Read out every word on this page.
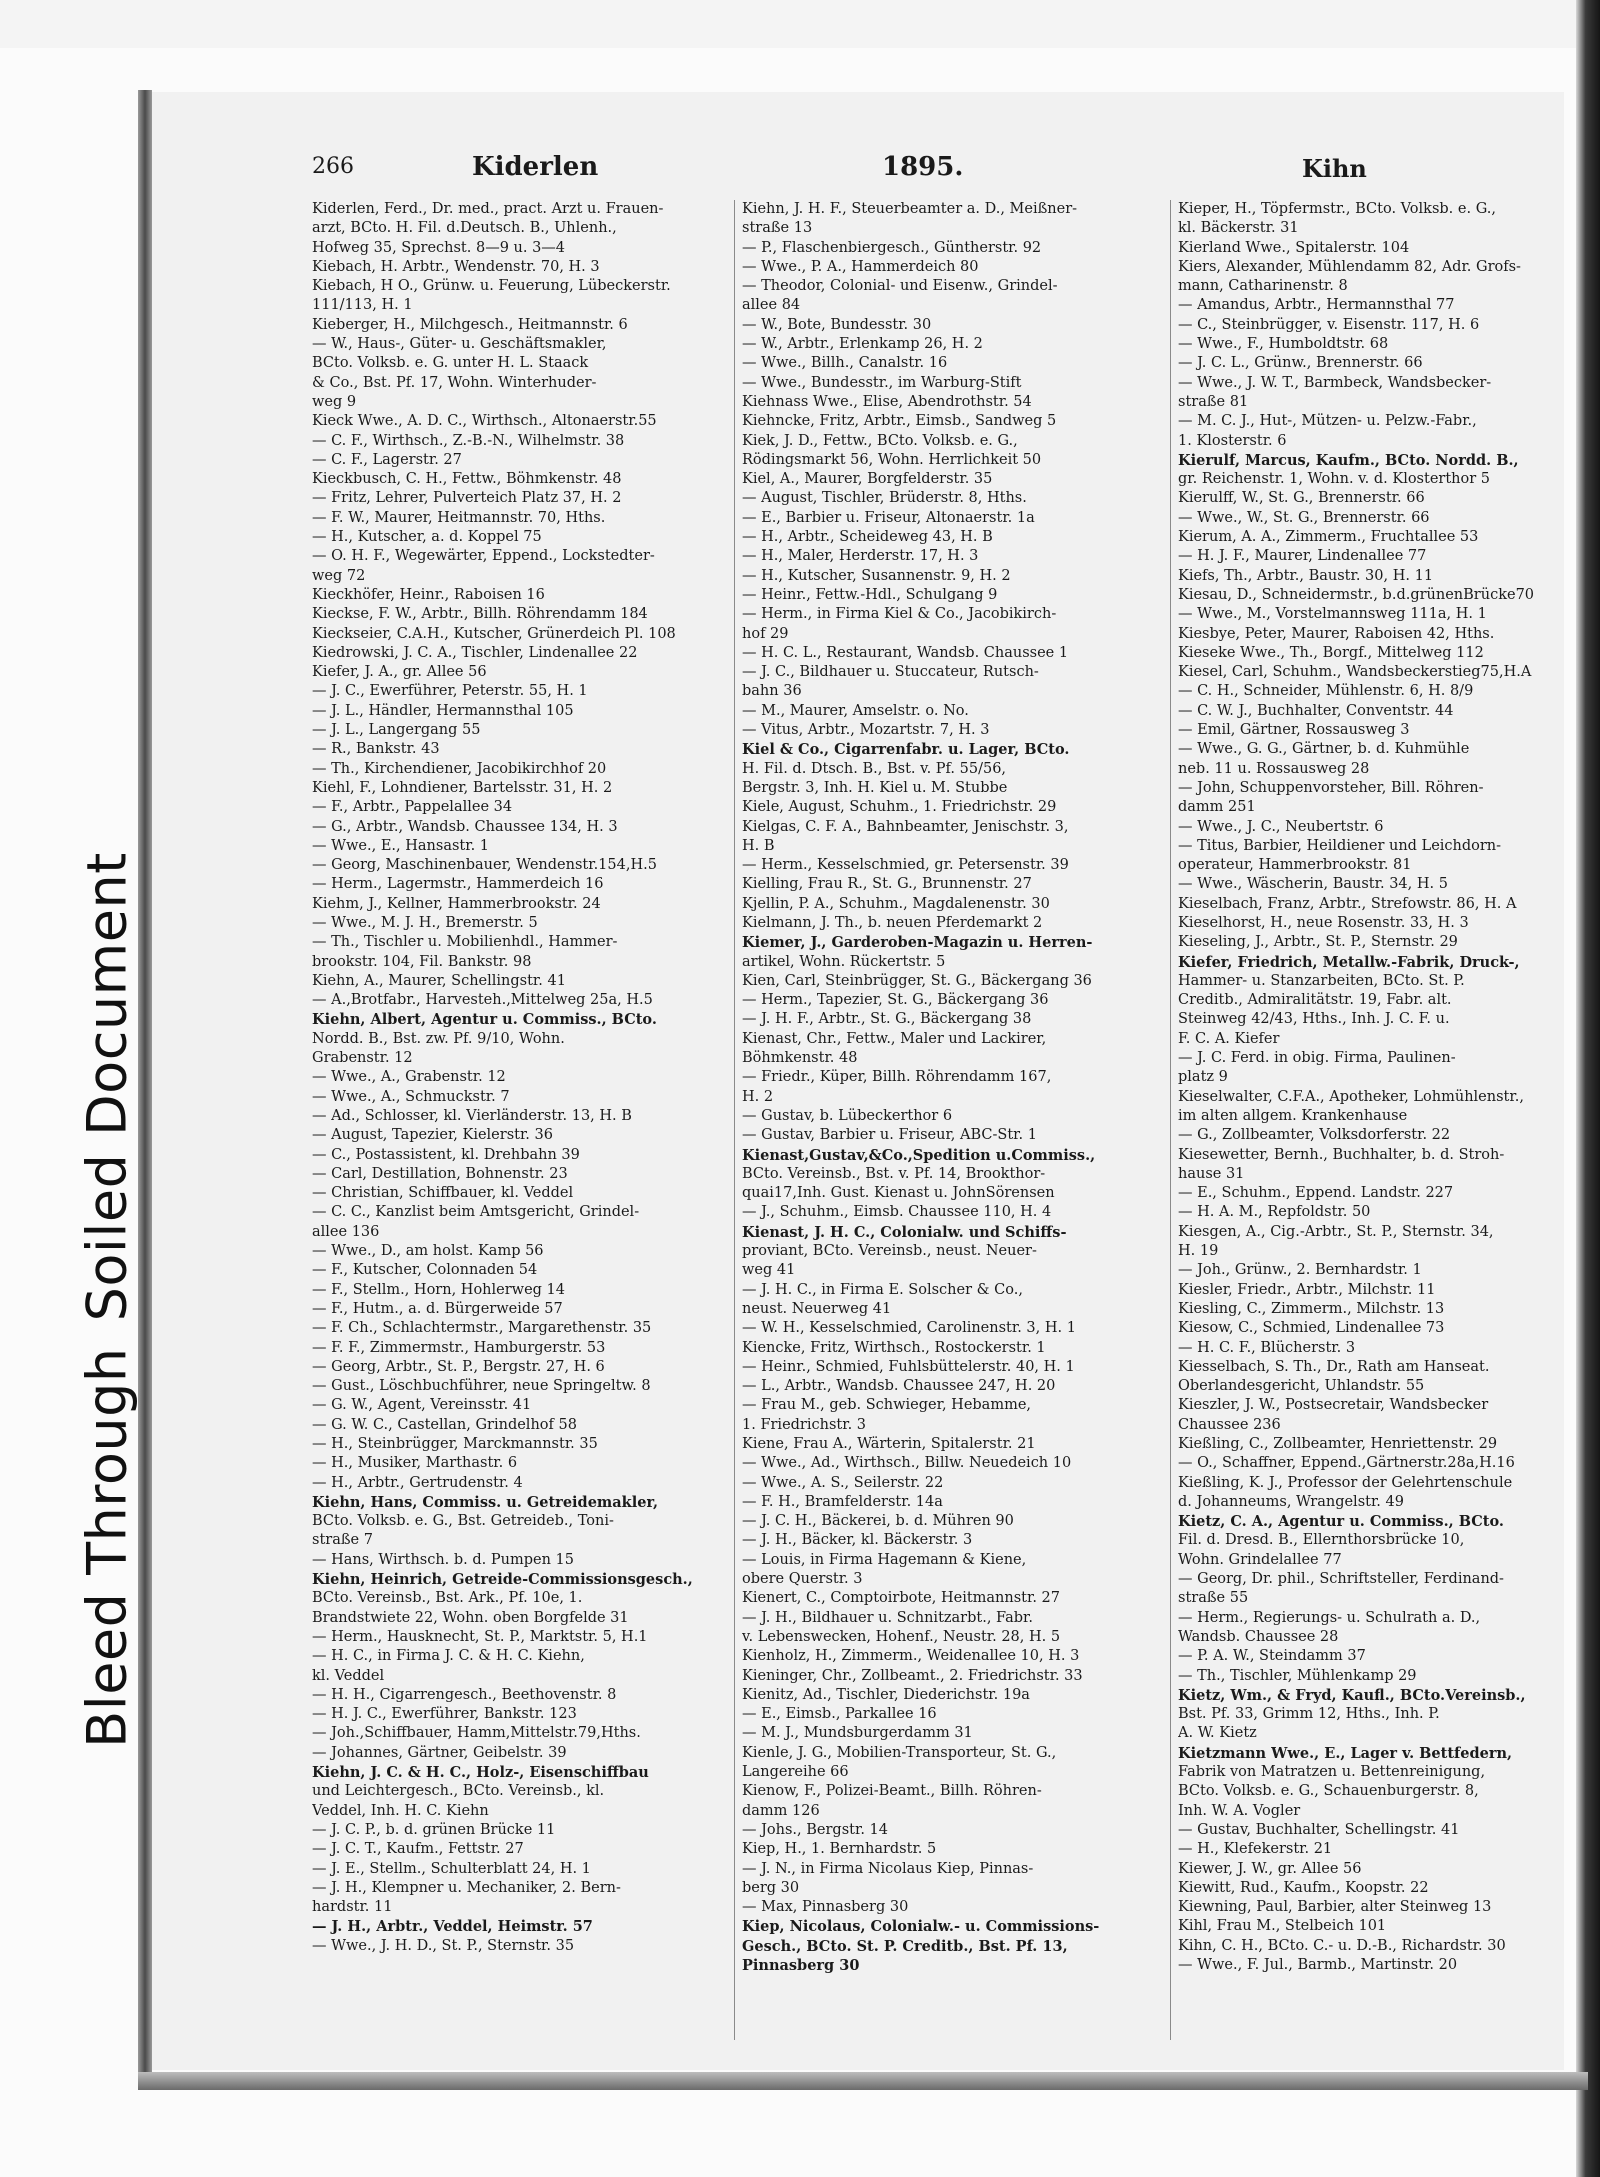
Bleed ThroughSoiled Document
266	Kiderlen	1895.	Kihn
Kiderlen, Ferd., Dr. med., pract. Arzt u. Frauen-
arzt, BCto. H. Fil. d.Deutsch. B., Uhlenh.,
Hofweg 35, Sprechst. 8—9 u. 3—4
Kiebach, H. Arbtr., Wendenstr. 70, H. 3
Kiebach, H O., Grünw. u. Feuerung, Lübeckerstr.
111/113, H. 1
Kieberger, H., Milchgesch., Heitmannstr. 6
— W., Haus-, Güter- u. Geschäftsmakler,
BCto. Volksb. e. G. unter H. L. Staack
& Co., Bst. Pf. 17, Wohn. Winterhuder-
weg 9
Kieck Wwe., A. D. C., Wirthsch., Altonaerstr.55
— C. F., Wirthsch., Z.-B.-N., Wilhelmstr. 38
— C. F., Lagerstr. 27
Kieckbusch, C. H., Fettw., Böhmkenstr. 48
— Fritz, Lehrer, Pulverteich Platz 37, H. 2
— F. W., Maurer, Heitmannstr. 70, Hths.
— H., Kutscher, a. d. Koppel 75
— O. H. F., Wegewärter, Eppend., Lockstedter-
weg 72
Kieckhöfer, Heinr., Raboisen 16
Kieckse, F. W., Arbtr., Billh. Röhrendamm 184
Kieckseier, C.A.H., Kutscher, Grünerdeich Pl. 108
Kiedrowski, J. C. A., Tischler, Lindenallee 22
Kiefer, J. A., gr. Allee 56
— J. C., Ewerführer, Peterstr. 55, H. 1
— J. L., Händler, Hermannsthal 105
— J. L., Langergang 55
— R., Bankstr. 43
— Th., Kirchendiener, Jacobikirchhof 20
Kiehl, F., Lohndiener, Bartelsstr. 31, H. 2
— F., Arbtr., Pappelallee 34
— G., Arbtr., Wandsb. Chaussee 134, H. 3
— Wwe., E., Hansastr. 1
— Georg, Maschinenbauer, Wendenstr.154,H.5
— Herm., Lagermstr., Hammerdeich 16
Kiehm, J., Kellner, Hammerbrookstr. 24
— Wwe., M. J. H., Bremerstr. 5
— Th., Tischler u. Mobilienhdl., Hammer-
brookstr. 104, Fil. Bankstr. 98
Kiehn, A., Maurer, Schellingstr. 41
— A.,Brotfabr., Harvesteh.,Mittelweg 25a, H.5
Kiehn, Albert, Agentur u. Commiss., BCto.
Nordd. B., Bst. zw. Pf. 9/10, Wohn.
Grabenstr. 12
— Wwe., A., Grabenstr. 12
— Wwe., A., Schmuckstr. 7
— Ad., Schlosser, kl. Vierländerstr. 13, H. B
— August, Tapezier, Kielerstr. 36
— C., Postassistent, kl. Drehbahn 39
— Carl, Destillation, Bohnenstr. 23
— Christian, Schiffbauer, kl. Veddel
— C. C., Kanzlist beim Amtsgericht, Grindel-
allee 136
— Wwe., D., am holst. Kamp 56
— F., Kutscher, Colonnaden 54
— F., Stellm., Horn, Hohlerweg 14
— F., Hutm., a. d. Bürgerweide 57
— F. Ch., Schlachtermstr., Margarethenstr. 35
— F. F., Zimmermstr., Hamburgerstr. 53
— Georg, Arbtr., St. P., Bergstr. 27, H. 6
— Gust., Löschbuchführer, neue Springeltw. 8
— G. W., Agent, Vereinsstr. 41
— G. W. C., Castellan, Grindelhof 58
— H., Steinbrügger, Marckmannstr. 35
— H., Musiker, Marthastr. 6
— H., Arbtr., Gertrudenstr. 4
Kiehn, Hans, Commiss. u. Getreidemakler,
BCto. Volksb. e. G., Bst. Getreideb., Toni-
straße 7
— Hans, Wirthsch. b. d. Pumpen 15
Kiehn, Heinrich, Getreide-Commissionsgesch.,
BCto. Vereinsb., Bst. Ark., Pf. 10e, 1.
Brandstwiete 22, Wohn. oben Borgfelde 31
— Herm., Hausknecht, St. P., Marktstr. 5, H.1
— H. C., in Firma J. C. & H. C. Kiehn,
kl. Veddel
— H. H., Cigarrengesch., Beethovenstr. 8
— H. J. C., Ewerführer, Bankstr. 123
— Joh.,Schiffbauer, Hamm,Mittelstr.79,Hths.
— Johannes, Gärtner, Geibelstr. 39
Kiehn, J. C. & H. C., Holz-, Eisenschiffbau
und Leichtergesch., BCto. Vereinsb., kl.
Veddel, Inh. H. C. Kiehn
— J. C. P., b. d. grünen Brücke 11
— J. C. T., Kaufm., Fettstr. 27
— J. E., Stellm., Schulterblatt 24, H. 1
— J. H., Klempner u. Mechaniker, 2. Bern-
hardstr. 11
— J. H., Arbtr., Veddel, Heimstr. 57
— Wwe., J. H. D., St. P., Sternstr. 35
Kiehn, J. H. F., Steuerbeamter a. D., Meißner-
straße 13
— P., Flaschenbiergesch., Güntherstr. 92
— Wwe., P. A., Hammerdeich 80
— Theodor, Colonial- und Eisenw., Grindel-
allee 84
— W., Bote, Bundesstr. 30
— W., Arbtr., Erlenkamp 26, H. 2
— Wwe., Billh., Canalstr. 16
— Wwe., Bundesstr., im Warburg-Stift
Kiehnass Wwe., Elise, Abendrothstr. 54
Kiehncke, Fritz, Arbtr., Eimsb., Sandweg 5
Kiek, J. D., Fettw., BCto. Volksb. e. G.,
Rödingsmarkt 56, Wohn. Herrlichkeit 50
Kiel, A., Maurer, Borgfelderstr. 35
— August, Tischler, Brüderstr. 8, Hths.
— E., Barbier u. Friseur, Altonaerstr. 1a
— H., Arbtr., Scheideweg 43, H. B
— H., Maler, Herderstr. 17, H. 3
— H., Kutscher, Susannenstr. 9, H. 2
— Heinr., Fettw.-Hdl., Schulgang 9
— Herm., in Firma Kiel & Co., Jacobikirch-
hof 29
— H. C. L., Restaurant, Wandsb. Chaussee 1
— J. C., Bildhauer u. Stuccateur, Rutsch-
bahn 36
— M., Maurer, Amselstr. o. No.
— Vitus, Arbtr., Mozartstr. 7, H. 3
Kiel & Co., Cigarrenfabr. u. Lager, BCto.
H. Fil. d. Dtsch. B., Bst. v. Pf. 55/56,
Bergstr. 3, Inh. H. Kiel u. M. Stubbe
Kiele, August, Schuhm., 1. Friedrichstr. 29
Kielgas, C. F. A., Bahnbeamter, Jenischstr. 3,
H. B
— Herm., Kesselschmied, gr. Petersenstr. 39
Kielling, Frau R., St. G., Brunnenstr. 27
Kjellin, P. A., Schuhm., Magdalenenstr. 30
Kielmann, J. Th., b. neuen Pferdemarkt 2
Kiemer, J., Garderoben-Magazin u. Herren-
artikel, Wohn. Rückertstr. 5
Kien, Carl, Steinbrügger, St. G., Bäckergang 36
— Herm., Tapezier, St. G., Bäckergang 36
— J. H. F., Arbtr., St. G., Bäckergang 38
Kienast, Chr., Fettw., Maler und Lackirer,
Böhmkenstr. 48
— Friedr., Küper, Billh. Röhrendamm 167,
H. 2
— Gustav, b. Lübeckerthor 6
— Gustav, Barbier u. Friseur, ABC-Str. 1
Kienast,Gustav,&Co.,Spedition u.Commiss.,
BCto. Vereinsb., Bst. v. Pf. 14, Brookthor-
quai17,Inh. Gust. Kienast u. JohnSörensen
— J., Schuhm., Eimsb. Chaussee 110, H. 4
Kienast, J. H. C., Colonialw. und Schiffs-
proviant, BCto. Vereinsb., neust. Neuer-
weg 41
— J. H. C., in Firma E. Solscher & Co.,
neust. Neuerweg 41
— W. H., Kesselschmied, Carolinenstr. 3, H. 1
Kiencke, Fritz, Wirthsch., Rostockerstr. 1
— Heinr., Schmied, Fuhlsbüttelerstr. 40, H. 1
— L., Arbtr., Wandsb. Chaussee 247, H. 20
— Frau M., geb. Schwieger, Hebamme,
1. Friedrichstr. 3
Kiene, Frau A., Wärterin, Spitalerstr. 21
— Wwe., Ad., Wirthsch., Billw. Neuedeich 10
— Wwe., A. S., Seilerstr. 22
— F. H., Bramfelderstr. 14a
— J. C. H., Bäckerei, b. d. Mühren 90
— J. H., Bäcker, kl. Bäckerstr. 3
— Louis, in Firma Hagemann & Kiene,
obere Querstr. 3
Kienert, C., Comptoirbote, Heitmannstr. 27
— J. H., Bildhauer u. Schnitzarbt., Fabr.
v. Lebenswecken, Hohenf., Neustr. 28, H. 5
Kienholz, H., Zimmerm., Weidenallee 10, H. 3
Kieninger, Chr., Zollbeamt., 2. Friedrichstr. 33
Kienitz, Ad., Tischler, Diederichstr. 19a
— E., Eimsb., Parkallee 16
— M. J., Mundsburgerdamm 31
Kienle, J. G., Mobilien-Transporteur, St. G.,
Langereihe 66
Kienow, F., Polizei-Beamt., Billh. Röhren-
damm 126
— Johs., Bergstr. 14
Kiep, H., 1. Bernhardstr. 5
— J. N., in Firma Nicolaus Kiep, Pinnas-
berg 30
— Max, Pinnasberg 30
Kiep, Nicolaus, Colonialw.- u. Commissions-
Gesch., BCto. St. P. Creditb., Bst. Pf. 13,
Pinnasberg 30
Kieper, H., Töpfermstr., BCto. Volksb. e. G.,
kl. Bäckerstr. 31
Kierland Wwe., Spitalerstr. 104
Kiers, Alexander, Mühlendamm 82, Adr. Grofs-
mann, Catharinenstr. 8
— Amandus, Arbtr., Hermannsthal 77
— C., Steinbrügger, v. Eisenstr. 117, H. 6
— Wwe., F., Humboldtstr. 68
— J. C. L., Grünw., Brennerstr. 66
— Wwe., J. W. T., Barmbeck, Wandsbecker-
straße 81
— M. C. J., Hut-, Mützen- u. Pelzw.-Fabr.,
1. Klosterstr. 6
Kierulf, Marcus, Kaufm., BCto. Nordd. B.,
gr. Reichenstr. 1, Wohn. v. d. Klosterthor 5
Kierulff, W., St. G., Brennerstr. 66
— Wwe., W., St. G., Brennerstr. 66
Kierum, A. A., Zimmerm., Fruchtallee 53
— H. J. F., Maurer, Lindenallee 77
Kiefs, Th., Arbtr., Baustr. 30, H. 11
Kiesau, D., Schneidermstr., b.d.grünenBrücke70
— Wwe., M., Vorstelmannsweg 111a, H. 1
Kiesbye, Peter, Maurer, Raboisen 42, Hths.
Kieseke Wwe., Th., Borgf., Mittelweg 112
Kiesel, Carl, Schuhm., Wandsbeckerstieg75,H.A
— C. H., Schneider, Mühlenstr. 6, H. 8/9
— C. W. J., Buchhalter, Conventstr. 44
— Emil, Gärtner, Rossausweg 3
— Wwe., G. G., Gärtner, b. d. Kuhmühle
neb. 11 u. Rossausweg 28
— John, Schuppenvorsteher, Bill. Röhren-
damm 251
— Wwe., J. C., Neubertstr. 6
— Titus, Barbier, Heildiener und Leichdorn-
operateur, Hammerbrookstr. 81
— Wwe., Wäscherin, Baustr. 34, H. 5
Kieselbach, Franz, Arbtr., Strefowstr. 86, H. A
Kieselhorst, H., neue Rosenstr. 33, H. 3
Kieseling, J., Arbtr., St. P., Sternstr. 29
Kiefer, Friedrich, Metallw.-Fabrik, Druck-,
Hammer- u. Stanzarbeiten, BCto. St. P.
Creditb., Admiralitätstr. 19, Fabr. alt.
Steinweg 42/43, Hths., Inh. J. C. F. u.
F. C. A. Kiefer
— J. C. Ferd. in obig. Firma, Paulinen-
platz 9
Kieselwalter, C.F.A., Apotheker, Lohmühlenstr.,
im alten allgem. Krankenhause
— G., Zollbeamter, Volksdorferstr. 22
Kiesewetter, Bernh., Buchhalter, b. d. Stroh-
hause 31
— E., Schuhm., Eppend. Landstr. 227
— H. A. M., Repfoldstr. 50
Kiesgen, A., Cig.-Arbtr., St. P., Sternstr. 34,
H. 19
— Joh., Grünw., 2. Bernhardstr. 1
Kiesler, Friedr., Arbtr., Milchstr. 11
Kiesling, C., Zimmerm., Milchstr. 13
Kiesow, C., Schmied, Lindenallee 73
— H. C. F., Blücherstr. 3
Kiesselbach, S. Th., Dr., Rath am Hanseat.
Oberlandesgericht, Uhlandstr. 55
Kieszler, J. W., Postsecretair, Wandsbecker
Chaussee 236
Kießling, C., Zollbeamter, Henriettenstr. 29
— O., Schaffner, Eppend.,Gärtnerstr.28a,H.16
Kießling, K. J., Professor der Gelehrtenschule
d. Johanneums, Wrangelstr. 49
Kietz, C. A., Agentur u. Commiss., BCto.
Fil. d. Dresd. B., Ellernthorsbrücke 10,
Wohn. Grindelallee 77
— Georg, Dr. phil., Schriftsteller, Ferdinand-
straße 55
— Herm., Regierungs- u. Schulrath a. D.,
Wandsb. Chaussee 28
— P. A. W., Steindamm 37
— Th., Tischler, Mühlenkamp 29
Kietz, Wm., & Fryd, Kaufl., BCto.Vereinsb.,
Bst. Pf. 33, Grimm 12, Hths., Inh. P.
A. W. Kietz
Kietzmann Wwe., E., Lager v. Bettfedern,
Fabrik von Matratzen u. Bettenreinigung,
BCto. Volksb. e. G., Schauenburgerstr. 8,
Inh. W. A. Vogler
— Gustav, Buchhalter, Schellingstr. 41
— H., Klefekerstr. 21
Kiewer, J. W., gr. Allee 56
Kiewitt, Rud., Kaufm., Koopstr. 22
Kiewning, Paul, Barbier, alter Steinweg 13
Kihl, Frau M., Stelbeich 101
Kihn, C. H., BCto. C.- u. D.-B., Richardstr. 30
— Wwe., F. Jul., Barmb., Martinstr. 20
